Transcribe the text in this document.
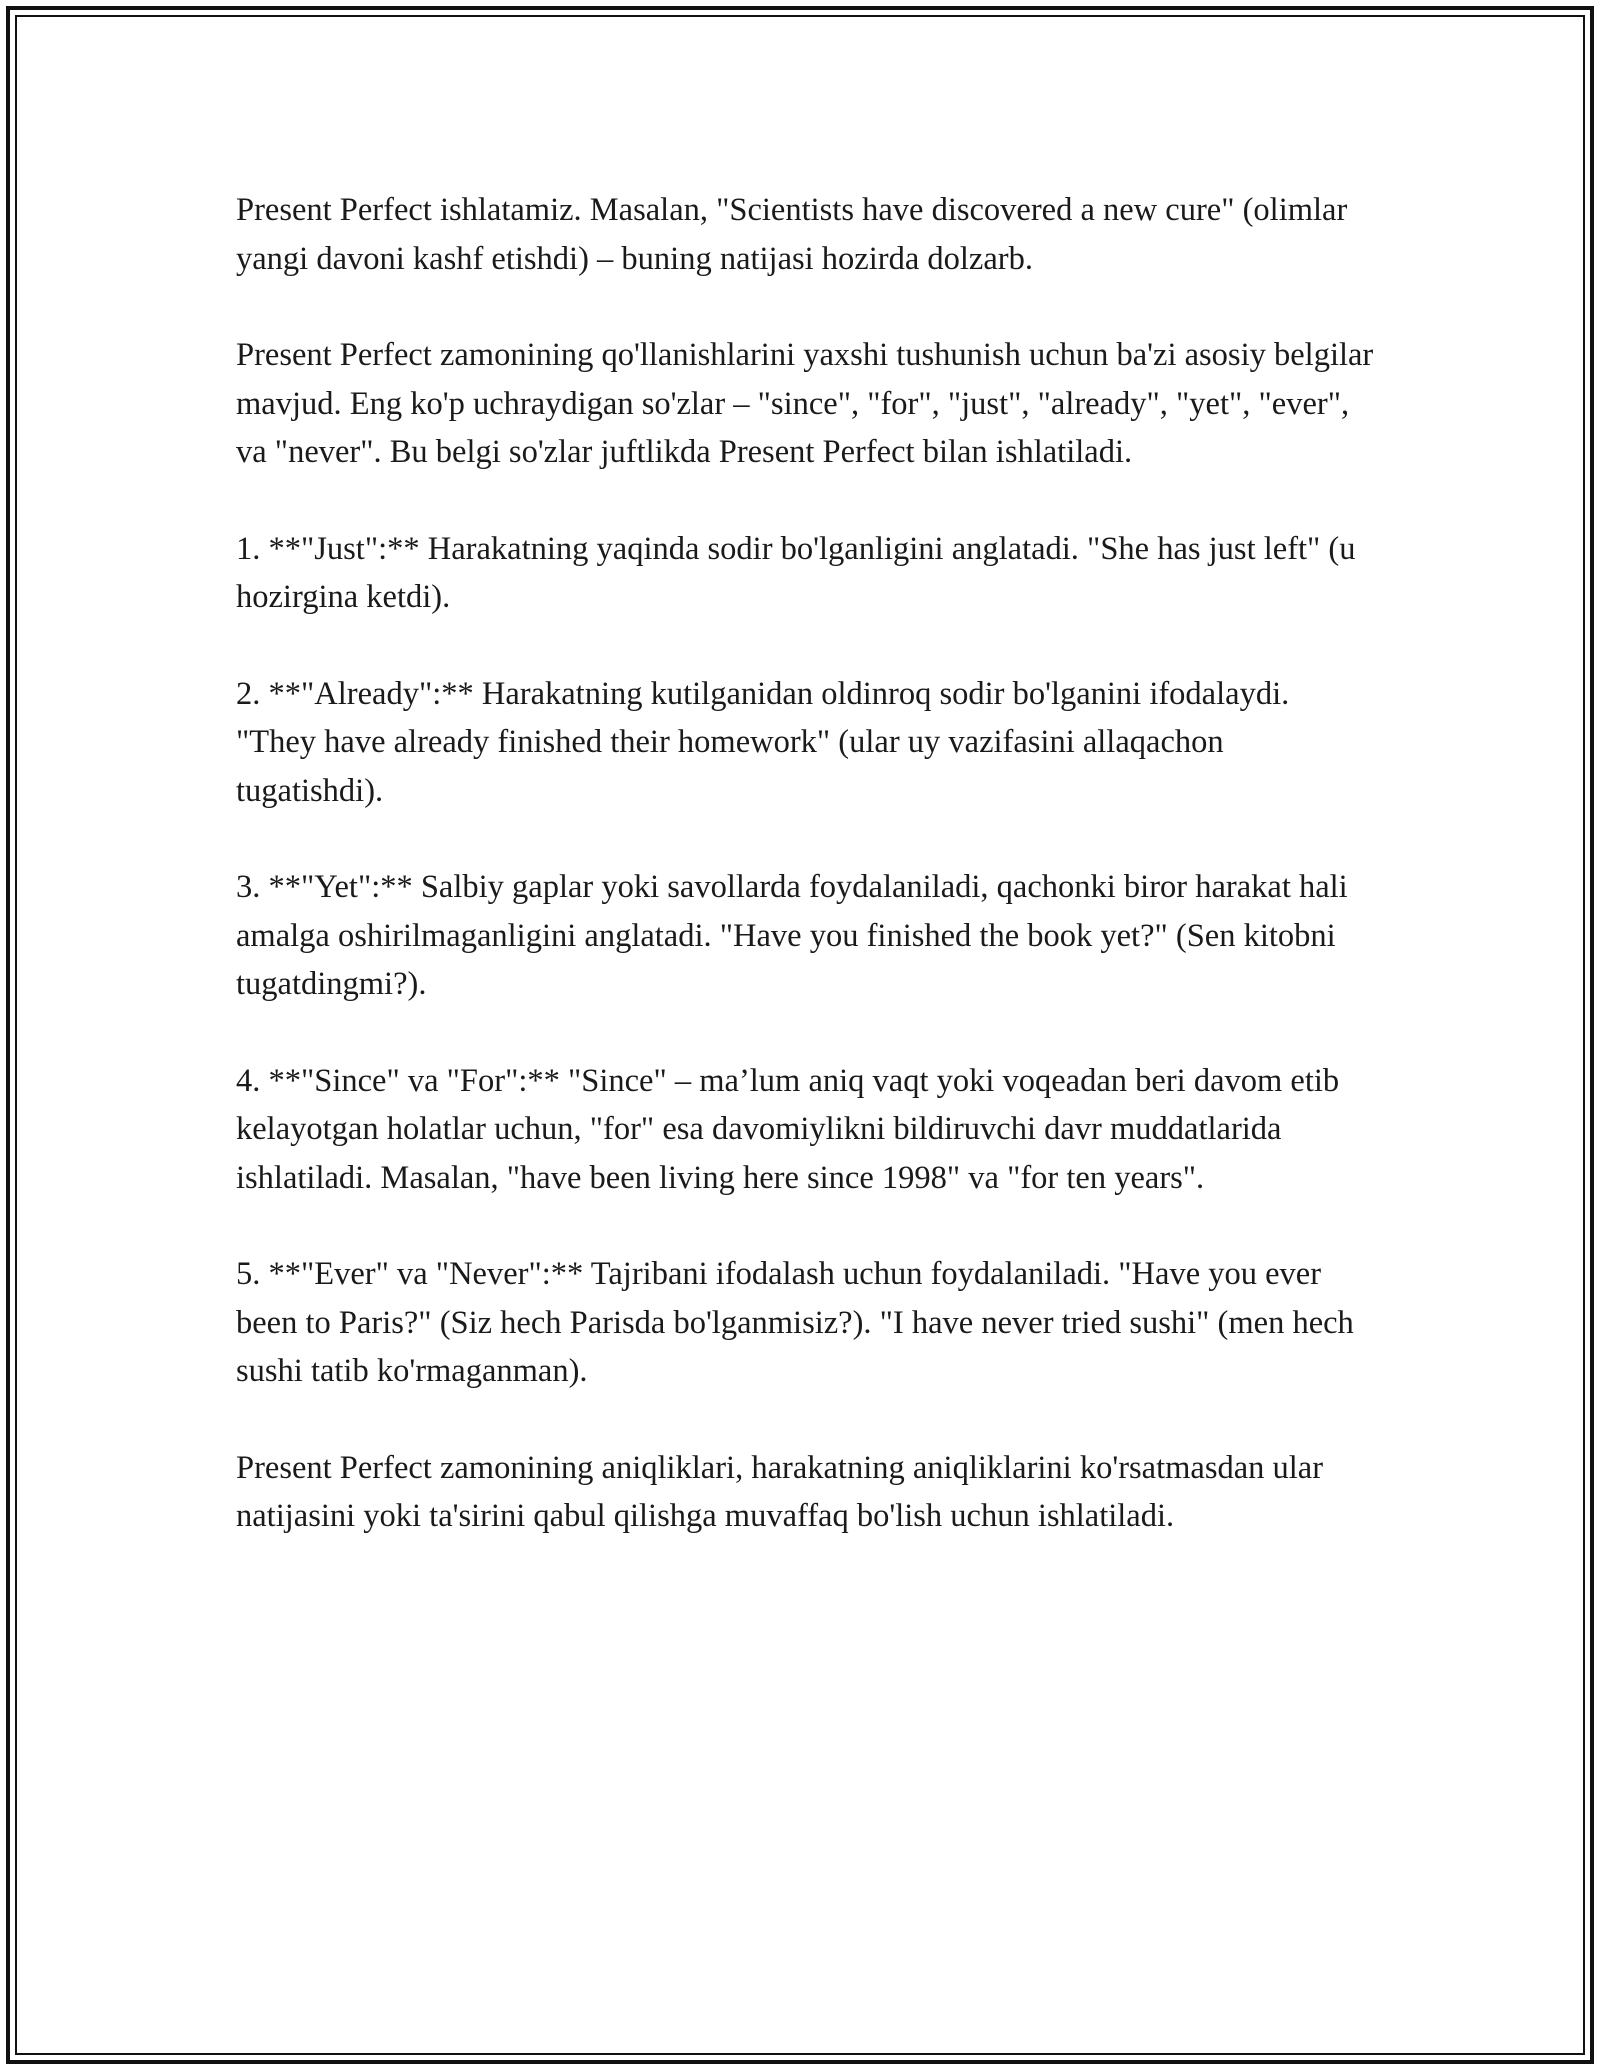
Present Perfect ishlatamiz. Masalan, "Scientists have discovered a new cure" (olimlar yangi davoni kashf etishdi) – buning natijasi hozirda dolzarb.

Present Perfect zamonining qo'llanishlarini yaxshi tushunish uchun ba'zi asosiy belgilar mavjud. Eng ko'p uchraydigan so'zlar – "since", "for", "just", "already", "yet", "ever", va "never". Bu belgi so'zlar juftlikda Present Perfect bilan ishlatiladi.

1. **"Just":** Harakatning yaqinda sodir bo'lganligini anglatadi. "She has just left" (u hozirgina ketdi).

2. **"Already":** Harakatning kutilganidan oldinroq sodir bo'lganini ifodalaydi. "They have already finished their homework" (ular uy vazifasini allaqachon tugatishdi).

3. **"Yet":** Salbiy gaplar yoki savollarda foydalaniladi, qachonki biror harakat hali amalga oshirilmaganligini anglatadi. "Have you finished the book yet?" (Sen kitobni tugatdingmi?).

4. **"Since" va "For":** "Since" – ma’lum aniq vaqt yoki voqeadan beri davom etib kelayotgan holatlar uchun, "for" esa davomiylikni bildiruvchi davr muddatlarida ishlatiladi. Masalan, "have been living here since 1998" va "for ten years".

5. **"Ever" va "Never":** Tajribani ifodalash uchun foydalaniladi. "Have you ever been to Paris?" (Siz hech Parisda bo'lganmisiz?). "I have never tried sushi" (men hech sushi tatib ko'rmaganman).

Present Perfect zamonining aniqliklari, harakatning aniqliklarini ko'rsatmasdan ular natijasini yoki ta'sirini qabul qilishga muvaffaq bo'lish uchun ishlatiladi.
